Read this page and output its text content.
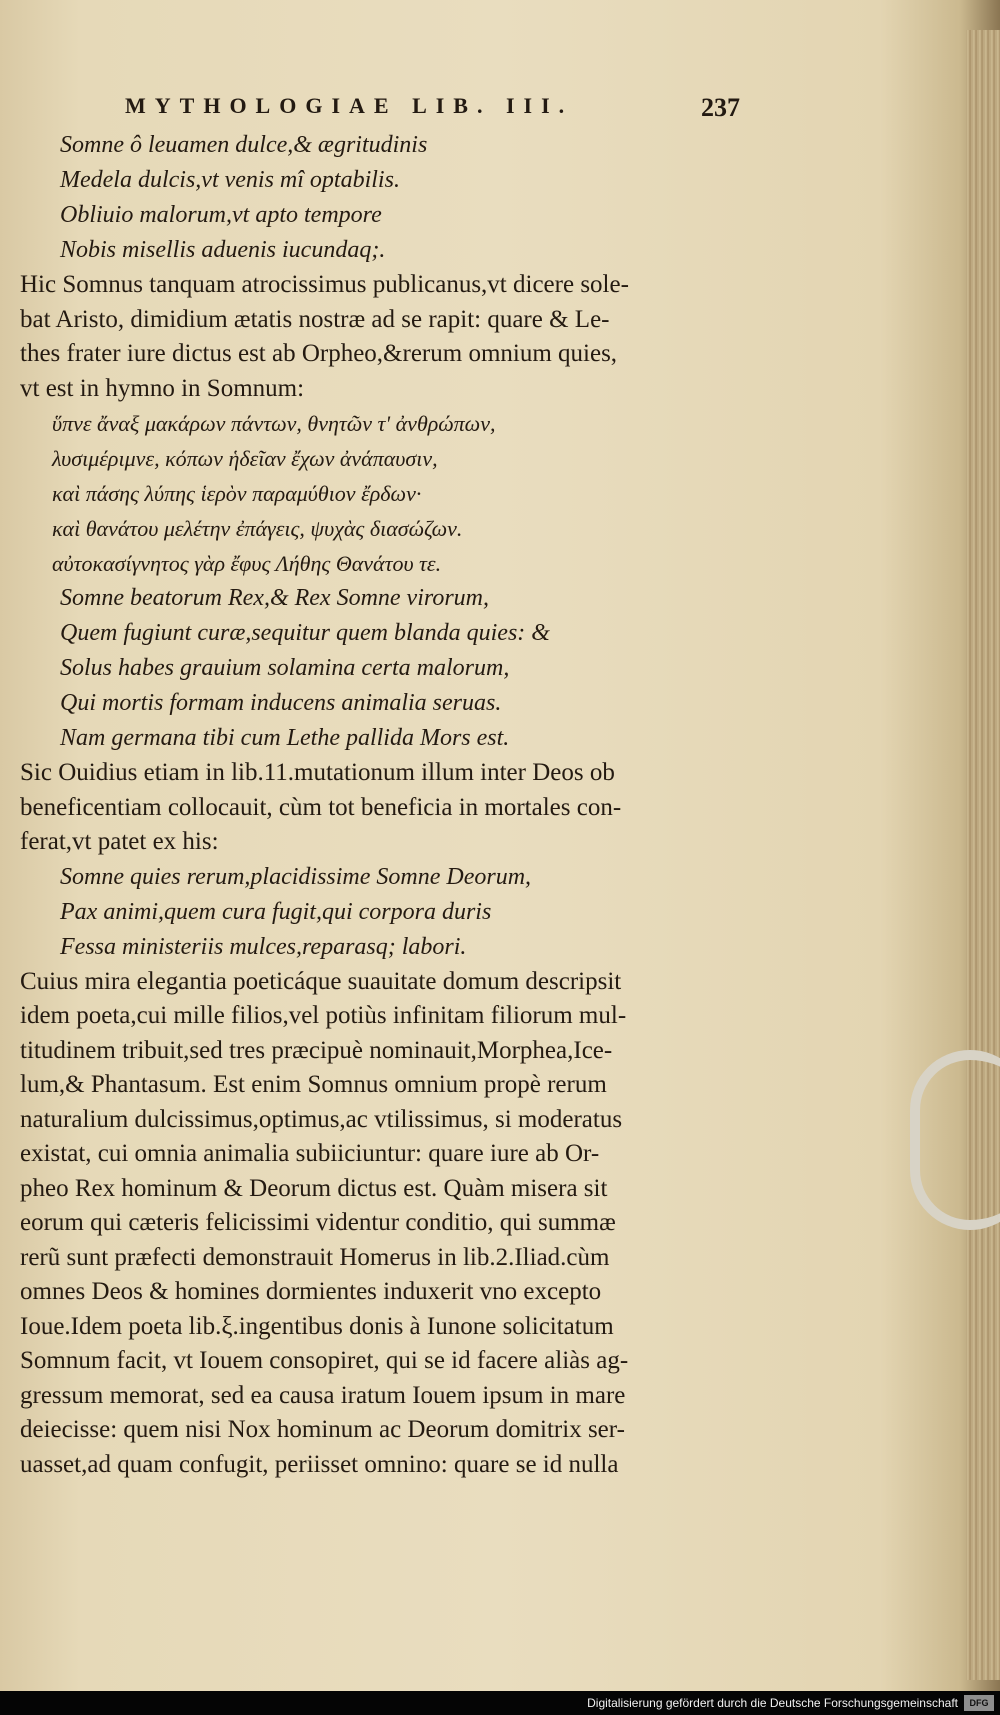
MYTHOLOGIAE LIB. III.	237
Somne ô leuamen dulce,& ægritudinis
Medela dulcis,vt venis mî optabilis.
Obliuio malorum,vt apto tempore
Nobis misellis aduenis iucundaq;.
Hic Somnus tanquam atrocissimus publicanus,vt dicere sole-
bat Aristo, dimidium ætatis nostræ ad se rapit: quare & Le-
thes frater iure dictus est ab Orpheo,&rerum omnium quies,
vt est in hymno in Somnum:
ὕπνε ἄναξ μακάρων πάντων, θνητῶν τ' ἀνθρώπων,
λυσιμέριμνε, κόπων ἡδεῖαν ἔχων ἀνάπαυσιν,
καὶ πάσης λύπης ἱερὸν παραμύθιον ἔρδων·
καὶ θανάτου μελέτην ἐπάγεις, ψυχὰς διασώζων.
αὐτοκασίγνητος γὰρ ἔφυς Λήθης Θανάτου τε.
Somne beatorum Rex,& Rex Somne virorum,
Quem fugiunt curæ,sequitur quem blanda quies: &
Solus habes grauium solamina certa malorum,
Qui mortis formam inducens animalia seruas.
Nam germana tibi cum Lethe pallida Mors est.
Sic Ouidius etiam in lib.11.mutationum illum inter Deos ob
beneficentiam collocauit, cùm tot beneficia in mortales con-
ferat,vt patet ex his:
Somne quies rerum,placidissime Somne Deorum,
Pax animi,quem cura fugit,qui corpora duris
Fessa ministeriis mulces,reparasq; labori.
Cuius mira elegantia poeticáque suauitate domum descripsit
idem poeta,cui mille filios,vel potiùs infinitam filiorum mul-
titudinem tribuit,sed tres præcipuè nominauit,Morphea,Ice-
lum,& Phantasum. Est enim Somnus omnium propè rerum
naturalium dulcissimus,optimus,ac vtilissimus, si moderatus
existat, cui omnia animalia subiiciuntur: quare iure ab Or-
pheo Rex hominum & Deorum dictus est. Quàm misera sit
eorum qui cæteris felicissimi videntur conditio, qui summæ
rerũ sunt præfecti demonstrauit Homerus in lib.2.Iliad.cùm
omnes Deos & homines dormientes induxerit vno excepto
Ioue.Idem poeta lib.ξ.ingentibus donis à Iunone solicitatum
Somnum facit, vt Iouem consopiret, qui se id facere aliàs ag-
gressum memorat, sed ea causa iratum Iouem ipsum in mare
deiecisse: quem nisi Nox hominum ac Deorum domitrix ser-
uasset,ad quam confugit, periisset omnino: quare se id nulla
Digitalisierung gefördert durch die Deutsche Forschungsgemeinschaft	DFG
